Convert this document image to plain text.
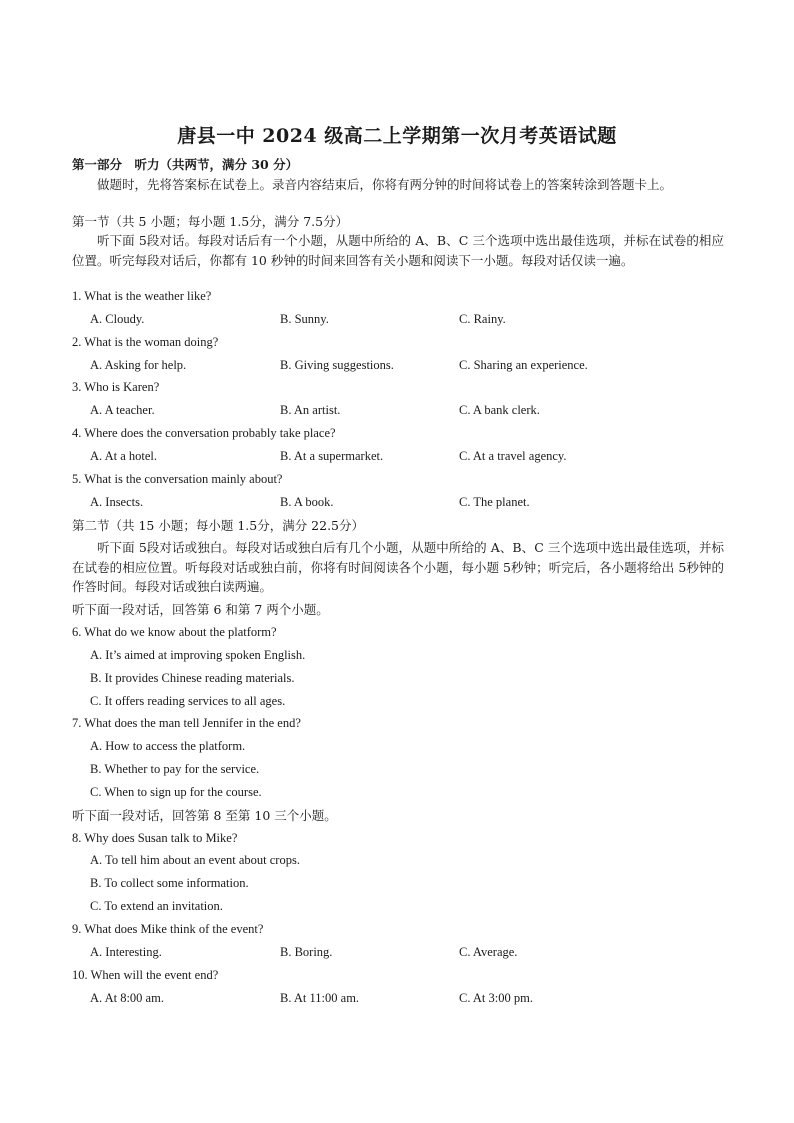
唐县一中 2024 级高二上学期第一次月考英语试题
第一部分　听力（共两节，满分 30 分）
做题时，先将答案标在试卷上。录音内容结束后，你将有两分钟的时间将试卷上的答案转涂到答题卡上。
第一节（共 5 小题；每小题 1.5分，满分 7.5分）
听下面 5段对话。每段对话后有一个小题，从题中所给的 A、B、C 三个选项中选出最佳选项，并标在试卷的相应位置。听完每段对话后，你都有 10 秒钟的时间来回答有关小题和阅读下一小题。每段对话仅读一遍。
1. What is the weather like?
A. Cloudy.	B. Sunny.	C. Rainy.
2. What is the woman doing?
A. Asking for help.	B. Giving suggestions.	C. Sharing an experience.
3. Who is Karen?
A. A teacher.	B. An artist.	C. A bank clerk.
4. Where does the conversation probably take place?
A. At a hotel.	B. At a supermarket.	C. At a travel agency.
5. What is the conversation mainly about?
A. Insects.	B. A book.	C. The planet.
第二节（共 15 小题；每小题 1.5分，满分 22.5分）
听下面 5段对话或独白。每段对话或独白后有几个小题，从题中所给的 A、B、C 三个选项中选出最佳选项，并标在试卷的相应位置。听每段对话或独白前，你将有时间阅读各个小题，每小题 5秒钟；听完后，各小题将给出 5秒钟的作答时间。每段对话或独白读两遍。
听下面一段对话，回答第 6 和第 7 两个小题。
6. What do we know about the platform?
A. It’s aimed at improving spoken English.
B. It provides Chinese reading materials.
C. It offers reading services to all ages.
7. What does the man tell Jennifer in the end?
A. How to access the platform.
B. Whether to pay for the service.
C. When to sign up for the course.
听下面一段对话，回答第 8 至第 10 三个小题。
8. Why does Susan talk to Mike?
A. To tell him about an event about crops.
B. To collect some information.
C. To extend an invitation.
9. What does Mike think of the event?
A. Interesting.	B. Boring.	C. Average.
10. When will the event end?
A. At 8:00 am.	B. At 11:00 am.	C. At 3:00 pm.
